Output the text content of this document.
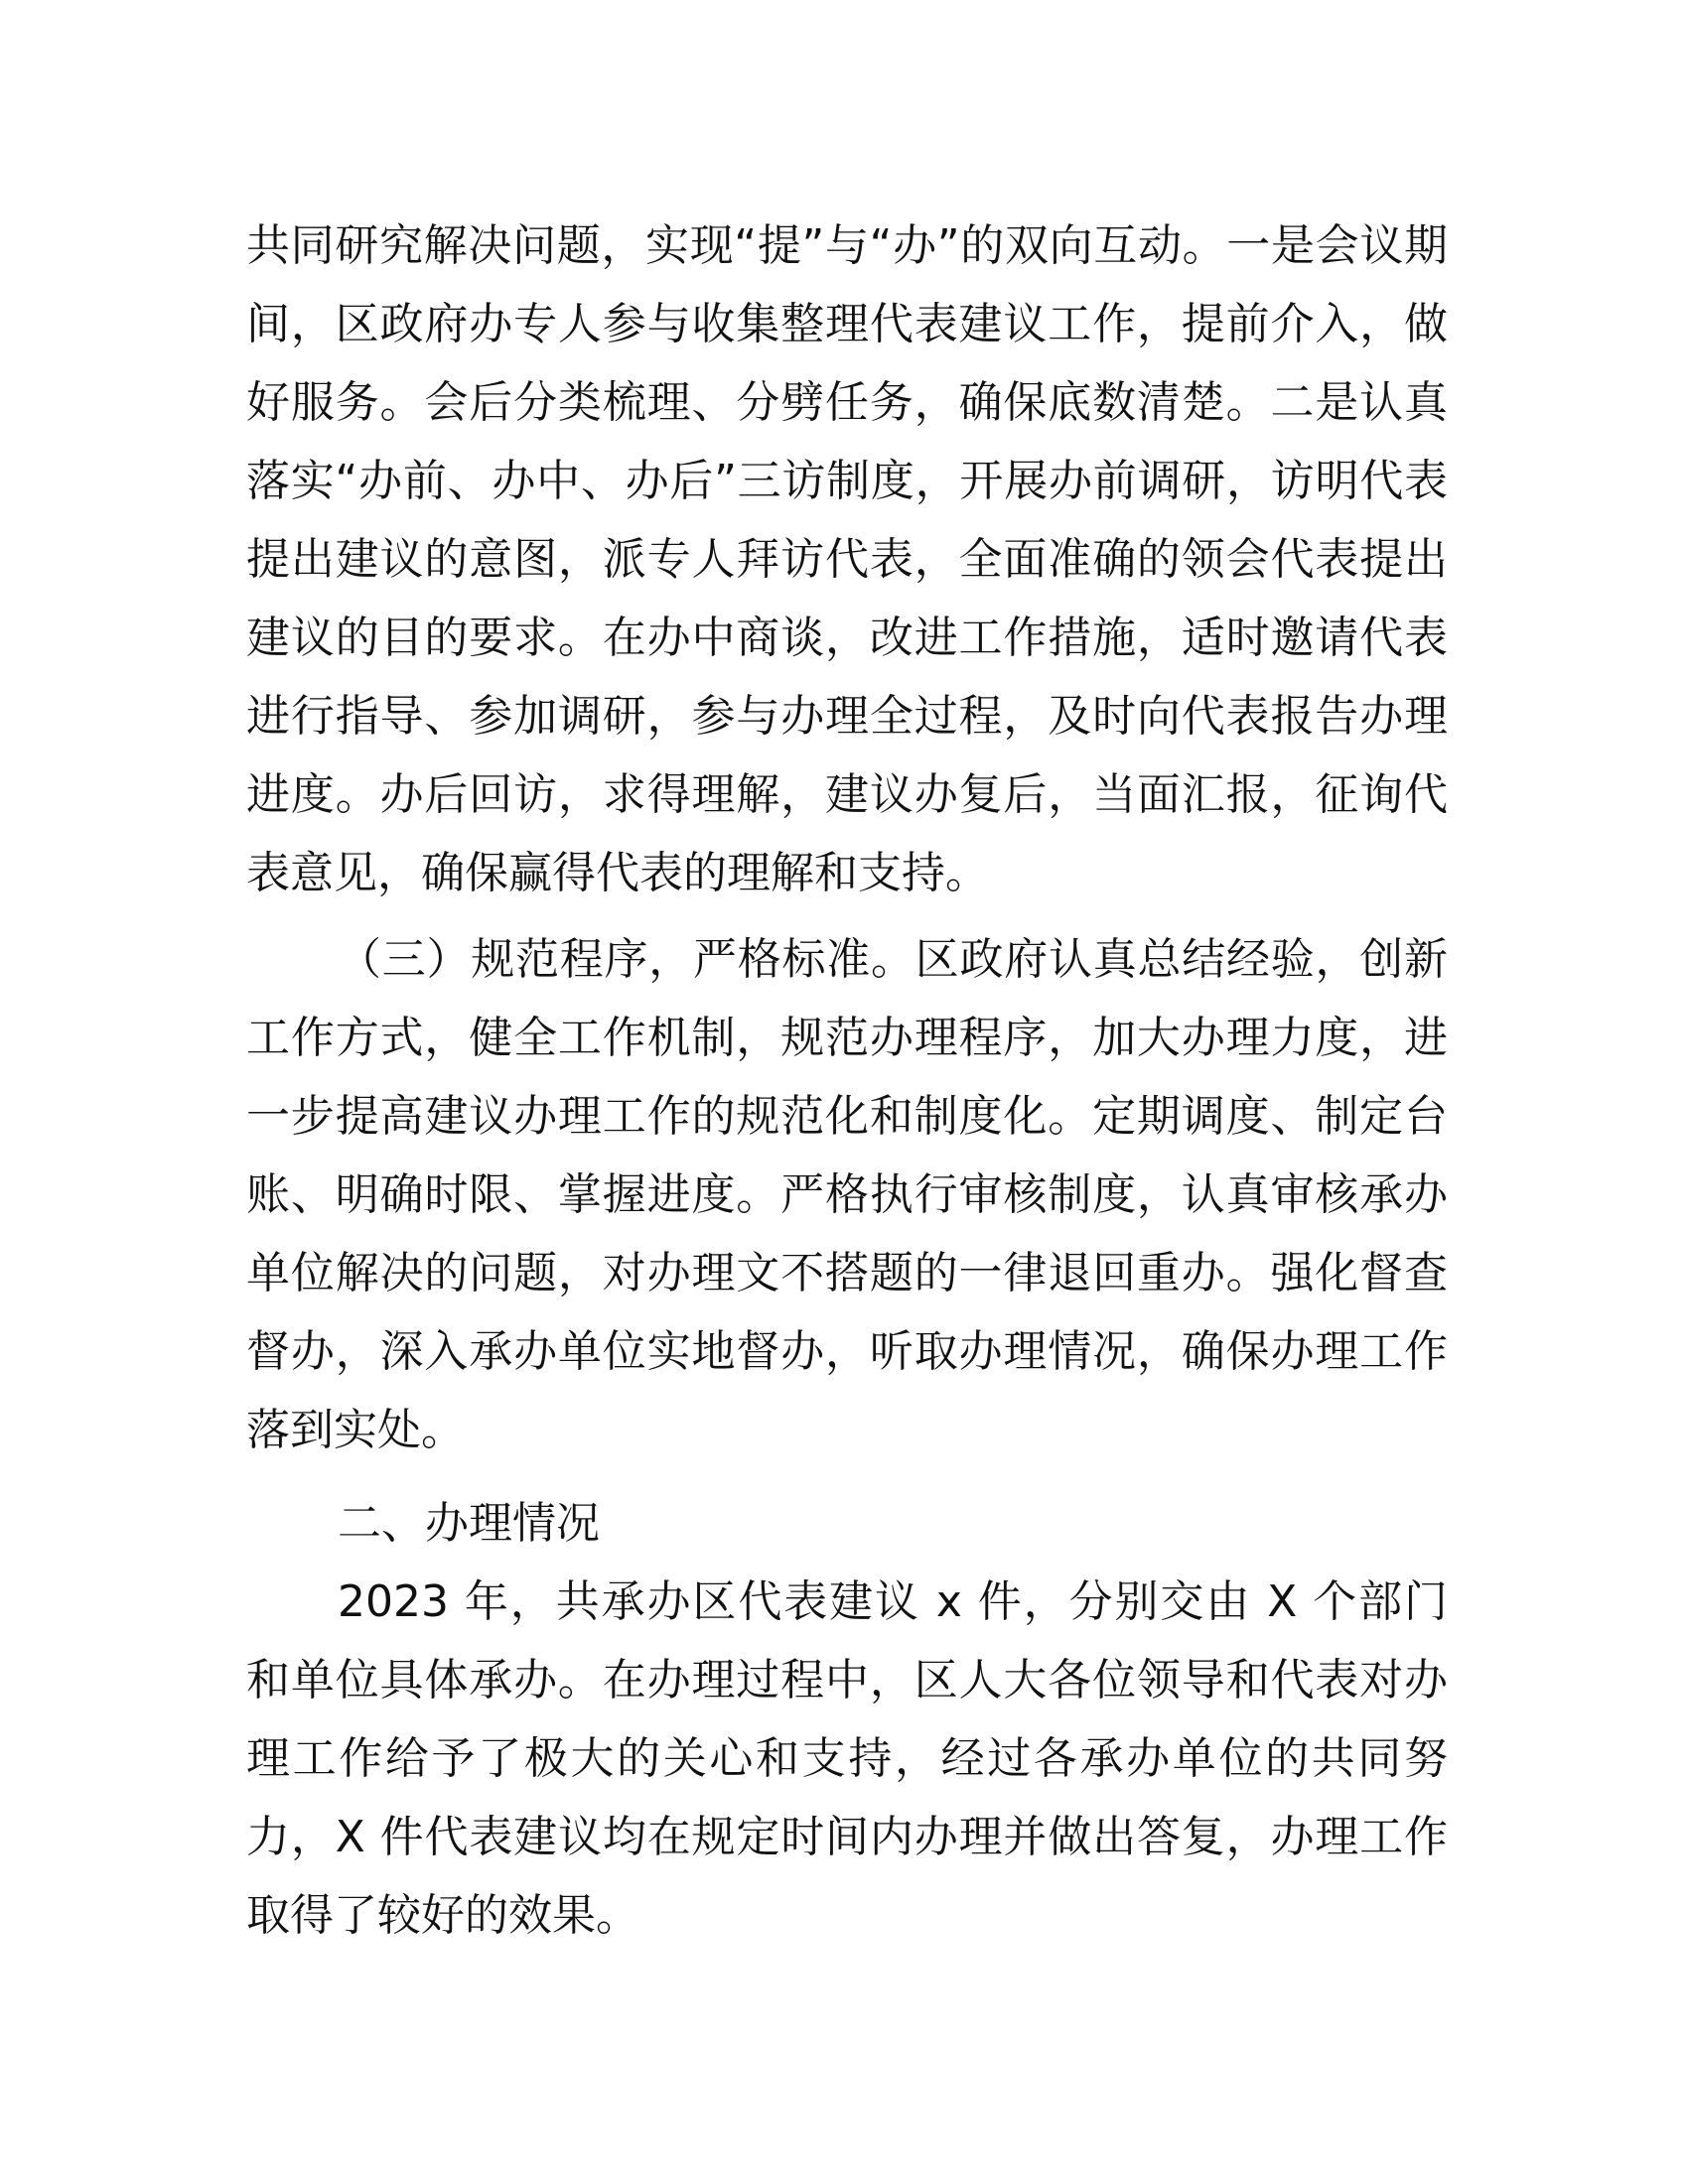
共同研究解决问题，实现“提”与“办”的双向互动。一是会议期间，区政府办专人参与收集整理代表建议工作，提前介入，做好服务。会后分类梳理、分劈任务，确保底数清楚。二是认真落实“办前、办中、办后”三访制度，开展办前调研，访明代表提出建议的意图，派专人拜访代表，全面准确的领会代表提出建议的目的要求。在办中商谈，改进工作措施，适时邀请代表进行指导、参加调研，参与办理全过程，及时向代表报告办理进度。办后回访，求得理解，建议办复后，当面汇报，征询代表意见，确保赢得代表的理解和支持。

（三）规范程序，严格标准。区政府认真总结经验，创新工作方式，健全工作机制，规范办理程序，加大办理力度，进一步提高建议办理工作的规范化和制度化。定期调度、制定台账、明确时限、掌握进度。严格执行审核制度，认真审核承办单位解决的问题，对办理文不搭题的一律退回重办。强化督查督办，深入承办单位实地督办，听取办理情况，确保办理工作落到实处。

二、办理情况

2023 年，共承办区代表建议 x 件，分别交由 X 个部门和单位具体承办。在办理过程中，区人大各位领导和代表对办理工作给予了极大的关心和支持，经过各承办单位的共同努力，X 件代表建议均在规定时间内办理并做出答复，办理工作取得了较好的效果。
